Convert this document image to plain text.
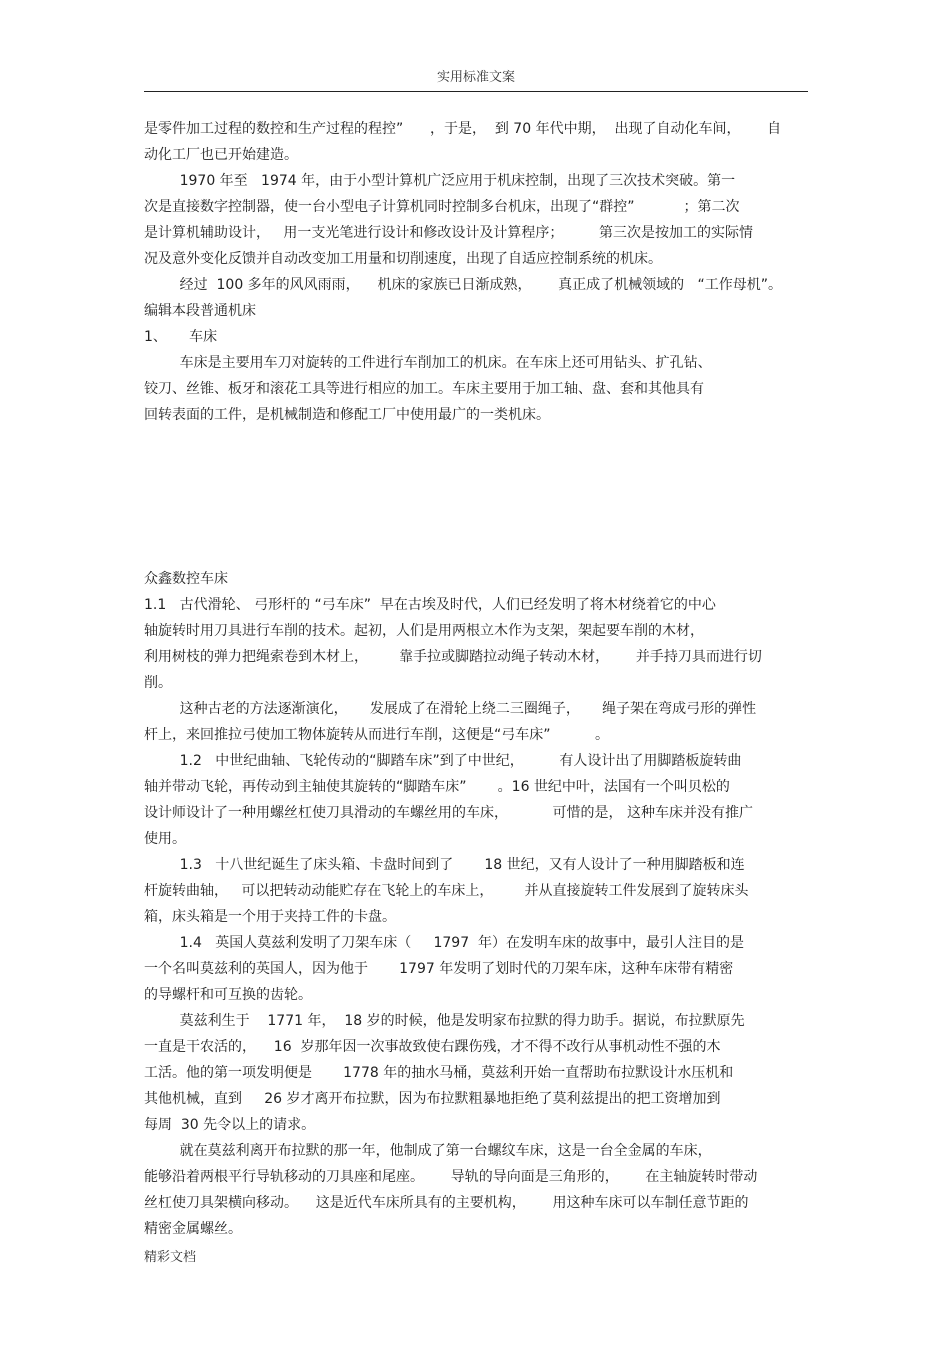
实用标准文案

是零件加工过程的数控和生产过程的程控”      ，于是，  到 70 年代中期，  出现了自动化车间，      自

动化工厂也已开始建造。

1970 年至   1974 年，由于小型计算机广泛应用于机床控制，出现了三次技术突破。第一

次是直接数字控制器，使一台小型电子计算机同时控制多台机床，出现了“群控”           ；第二次

是计算机辅助设计，   用一支光笔进行设计和修改设计及计算程序；        第三次是按加工的实际情

况及意外变化反馈并自动改变加工用量和切削速度，出现了自适应控制系统的机床。

经过  100 多年的风风雨雨，    机床的家族已日渐成熟，      真正成了机械领域的   “工作母机”。

编辑本段普通机床

1、     车床

车床是主要用车刀对旋转的工件进行车削加工的机床。在车床上还可用钻头、扩孔钻、

铰刀、丝锥、板牙和滚花工具等进行相应的加工。车床主要用于加工轴、盘、套和其他具有

回转表面的工件，是机械制造和修配工厂中使用最广的一类机床。

众鑫数控车床

1.1   古代滑轮、 弓形杆的 “弓车床”  早在古埃及时代，人们已经发明了将木材绕着它的中心

轴旋转时用刀具进行车削的技术。起初，人们是用两根立木作为支架，架起要车削的木材，

利用树枝的弹力把绳索卷到木材上，       靠手拉或脚踏拉动绳子转动木材，      并手持刀具而进行切

削。

这种古老的方法逐渐演化，     发展成了在滑轮上绕二三圈绳子，     绳子架在弯成弓形的弹性

杆上，来回推拉弓使加工物体旋转从而进行车削，这便是“弓车床”          。

1.2   中世纪曲轴、飞轮传动的“脚踏车床”到了中世纪，        有人设计出了用脚踏板旋转曲

轴并带动飞轮，再传动到主轴使其旋转的“脚踏车床”       。16 世纪中叶，法国有一个叫贝松的

设计师设计了一种用螺丝杠使刀具滑动的车螺丝用的车床，          可惜的是， 这种车床并没有推广

使用。

1.3   十八世纪诞生了床头箱、卡盘时间到了       18 世纪，又有人设计了一种用脚踏板和连

杆旋转曲轴，   可以把转动动能贮存在飞轮上的车床上，       并从直接旋转工件发展到了旋转床头

箱，床头箱是一个用于夹持工件的卡盘。

1.4   英国人莫兹利发明了刀架车床（     1797  年）在发明车床的故事中，最引人注目的是

一个名叫莫兹利的英国人，因为他于       1797 年发明了划时代的刀架车床，这种车床带有精密

的导螺杆和可互换的齿轮。

莫兹利生于    1771 年，  18 岁的时候，他是发明家布拉默的得力助手。据说，布拉默原先

一直是干农活的，    16  岁那年因一次事故致使右踝伤残，才不得不改行从事机动性不强的木

工活。他的第一项发明便是       1778 年的抽水马桶，莫兹利开始一直帮助布拉默设计水压机和

其他机械，直到     26 岁才离开布拉默，因为布拉默粗暴地拒绝了莫利兹提出的把工资增加到

每周  30 先令以上的请求。

就在莫兹利离开布拉默的那一年，他制成了第一台螺纹车床，这是一台全金属的车床，

能够沿着两根平行导轨移动的刀具座和尾座。      导轨的导向面是三角形的，      在主轴旋转时带动

丝杠使刀具架横向移动。    这是近代车床所具有的主要机构，      用这种车床可以车制任意节距的

精密金属螺丝。

精彩文档
